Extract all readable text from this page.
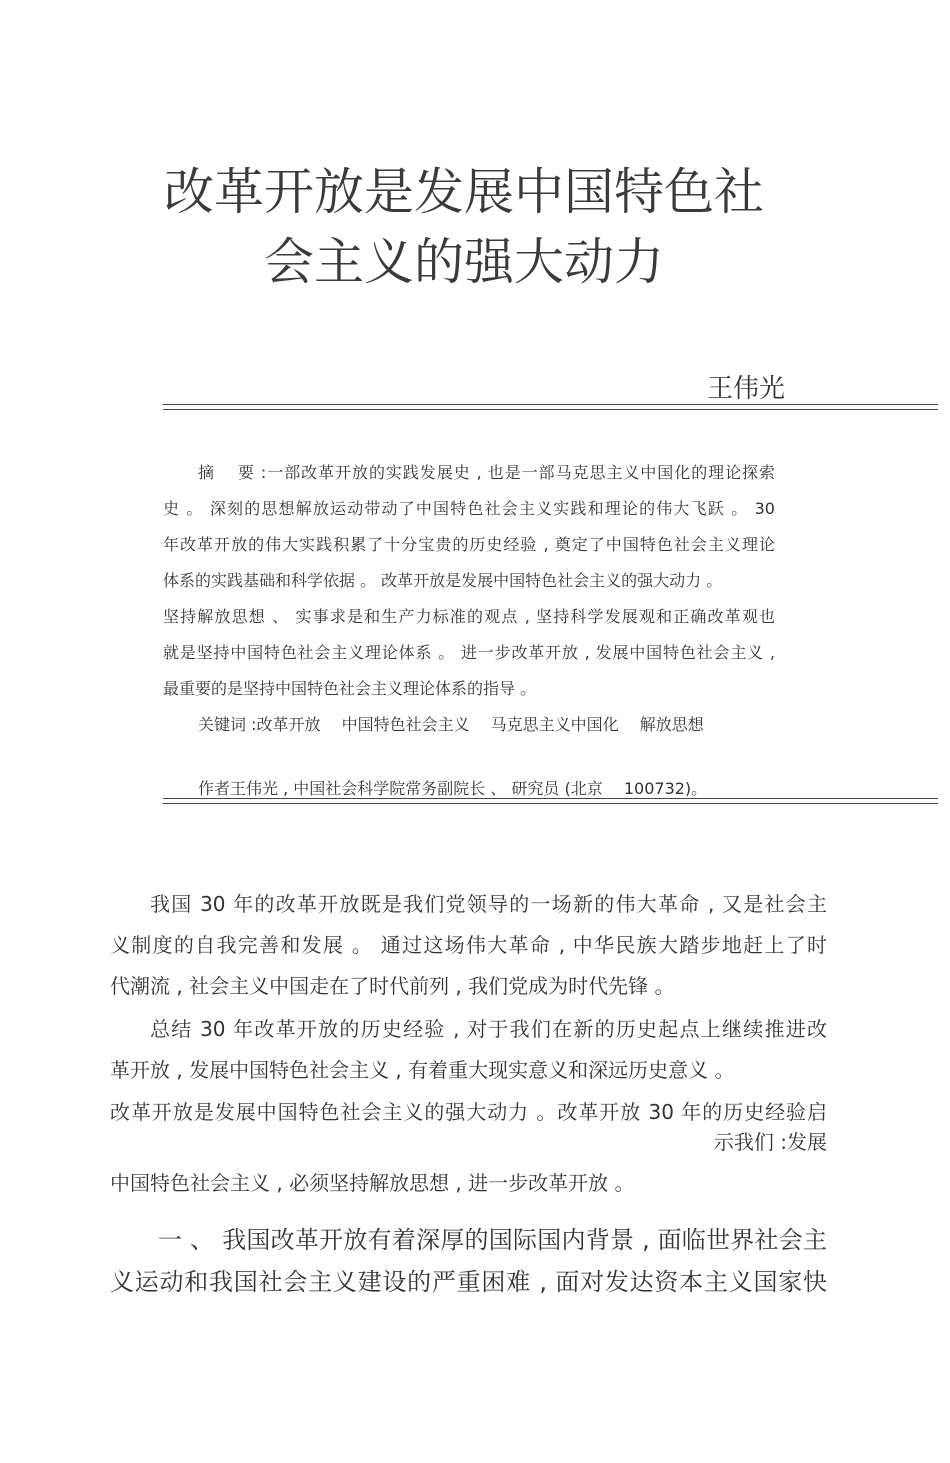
改革开放是发展中国特色社
会主义的强大动力
王伟光
摘　 要 :一部改革开放的实践发展史 , 也是一部马克思主义中国化的理论探索
史 。 深刻的思想解放运动带动了中国特色社会主义实践和理论的伟大飞跃 。 30
年改革开放的伟大实践积累了十分宝贵的历史经验 , 奠定了中国特色社会主义理论
体系的实践基础和科学依据 。 改革开放是发展中国特色社会主义的强大动力 。
坚持解放思想 、 实事求是和生产力标准的观点 , 坚持科学发展观和正确改革观也
就是坚持中国特色社会主义理论体系 。 进一步改革开放 , 发展中国特色社会主义 ,
最重要的是坚持中国特色社会主义理论体系的指导 。
关键词 :改革开放　 中国特色社会主义　 马克思主义中国化　 解放思想
作者王伟光 , 中国社会科学院常务副院长 、 研究员 (北京　 100732)。
我国 30 年的改革开放既是我们党领导的一场新的伟大革命 , 又是社会主
义制度的自我完善和发展 。 通过这场伟大革命 , 中华民族大踏步地赶上了时
代潮流 , 社会主义中国走在了时代前列 , 我们党成为时代先锋 。
总结 30 年改革开放的历史经验 , 对于我们在新的历史起点上继续推进改
革开放 , 发展中国特色社会主义 , 有着重大现实意义和深远历史意义 。
改革开放是发展中国特色社会主义的强大动力 。改革开放 30 年的历史经验启
示我们 :发展
中国特色社会主义 , 必须坚持解放思想 , 进一步改革开放 。
一 、 我国改革开放有着深厚的国际国内背景 , 面临世界社会主
义运动和我国社会主义建设的严重困难 , 面对发达资本主义国家快
